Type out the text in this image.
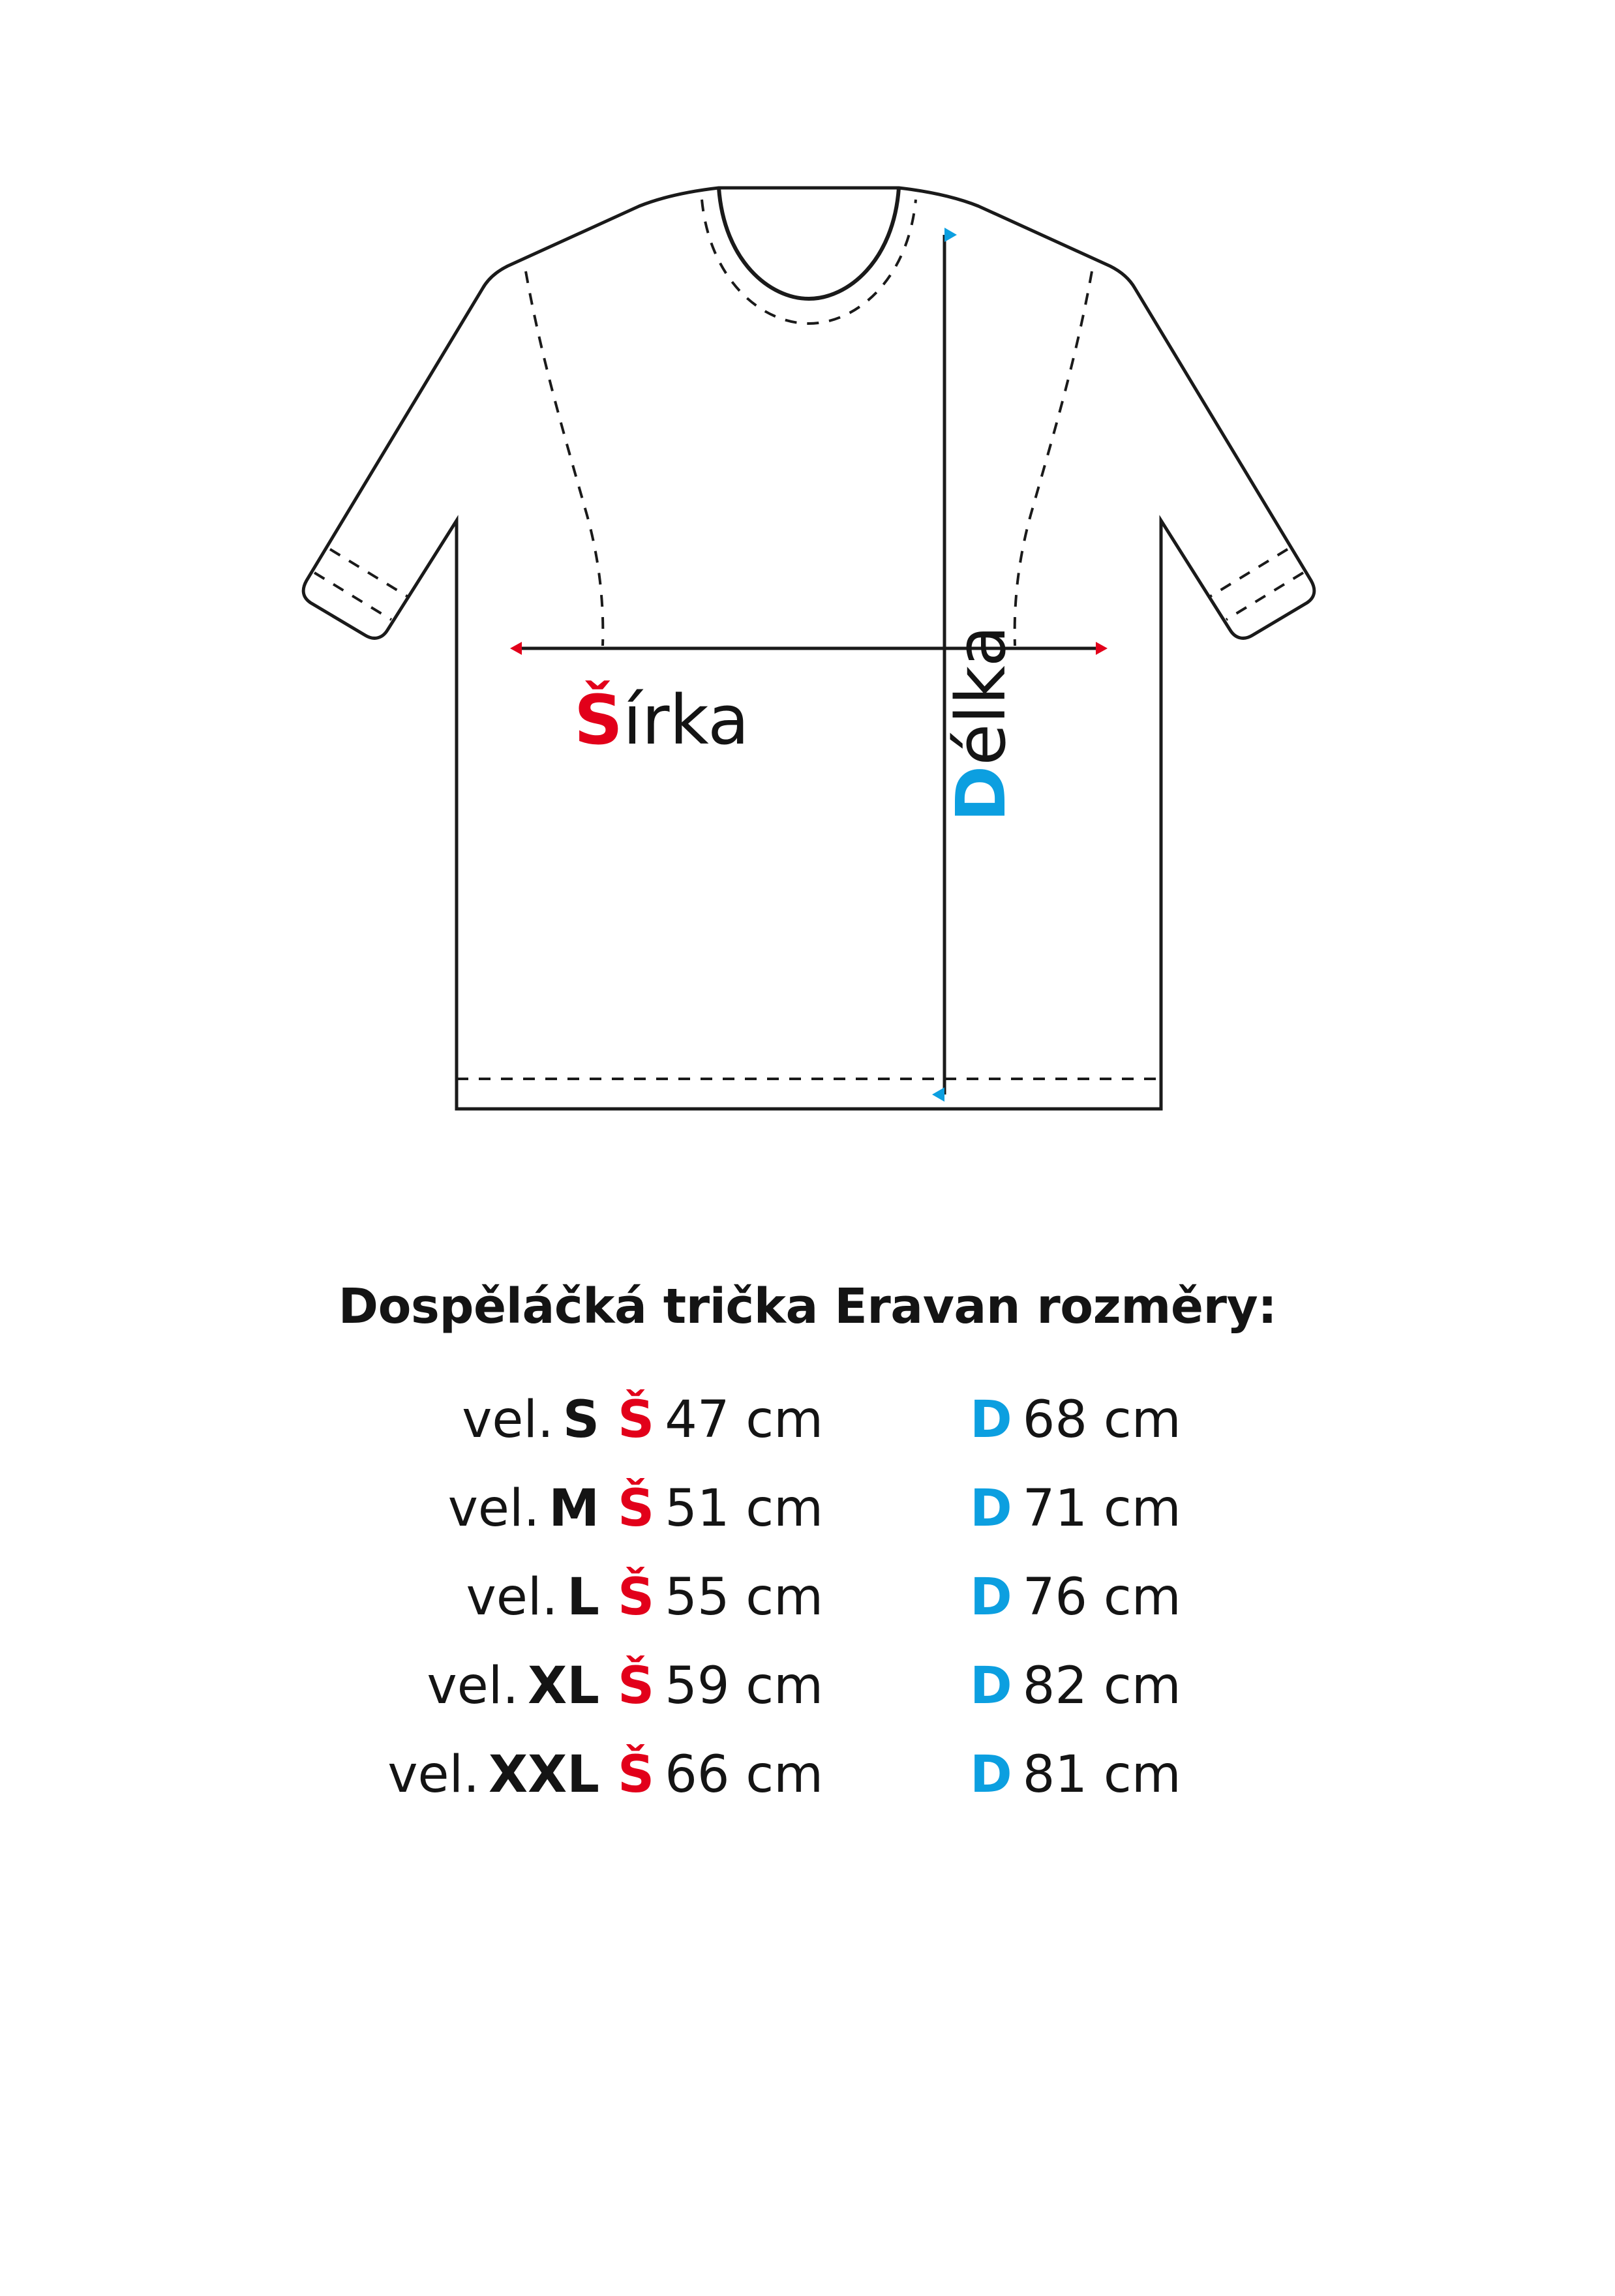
Šírka
Délka
Dospěláčká trička Eravan rozměry:
vel. S Š 47 cm	D 68 cm
vel. M Š 51 cm	D 71 cm
vel. L Š 55 cm	D 76 cm
vel. XL Š 59 cm	D 82 cm
vel. XXL Š 66 cm	D 81 cm
